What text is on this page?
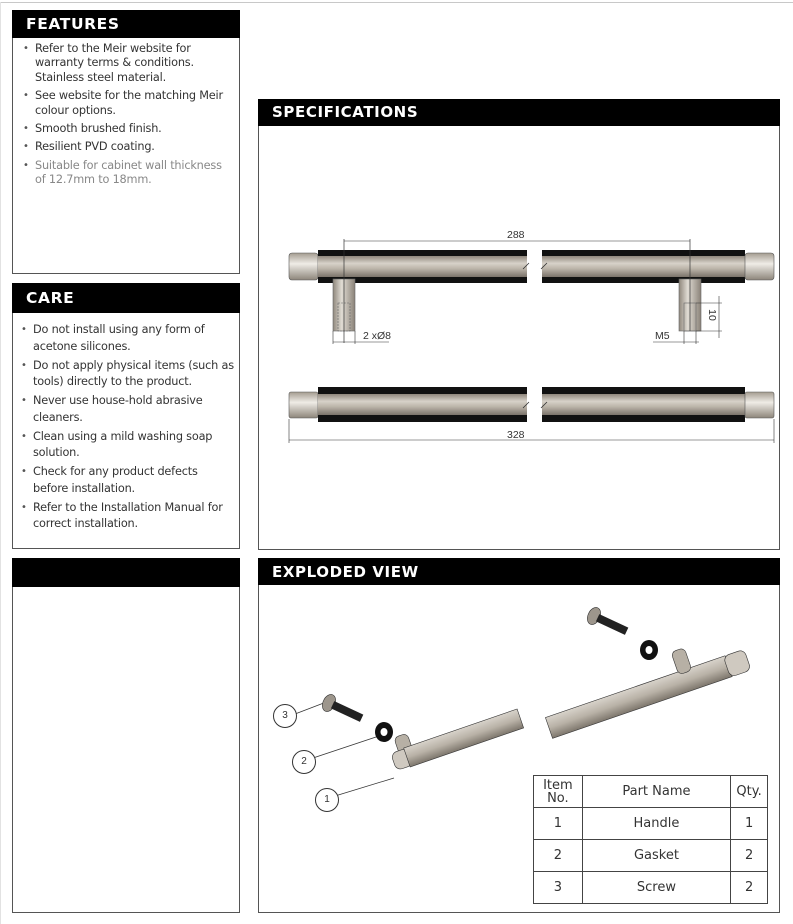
FEATURES
• Refer to the Meir website for warranty terms & conditions. Stainless steel material.
• See website for the matching Meir colour options.
• Smooth brushed finish.
• Resilient PVD coating.
• Suitable for cabinet wall thickness of 12.7mm to 18mm.
CARE
• Do not install using any form of acetone silicones.
• Do not apply physical items (such as tools) directly to the product.
• Never use house-hold abrasive cleaners.
• Clean using a mild washing soap solution.
• Check for any product defects before installation.
• Refer to the Installation Manual for correct installation.
SPECIFICATIONS
288
2 xØ8	M5
10
328
EXPLODED VIEW
3
2
1
Item
No.	Part Name	Qty.
1	Handle	1
2	Gasket	2
3	Screw	2
